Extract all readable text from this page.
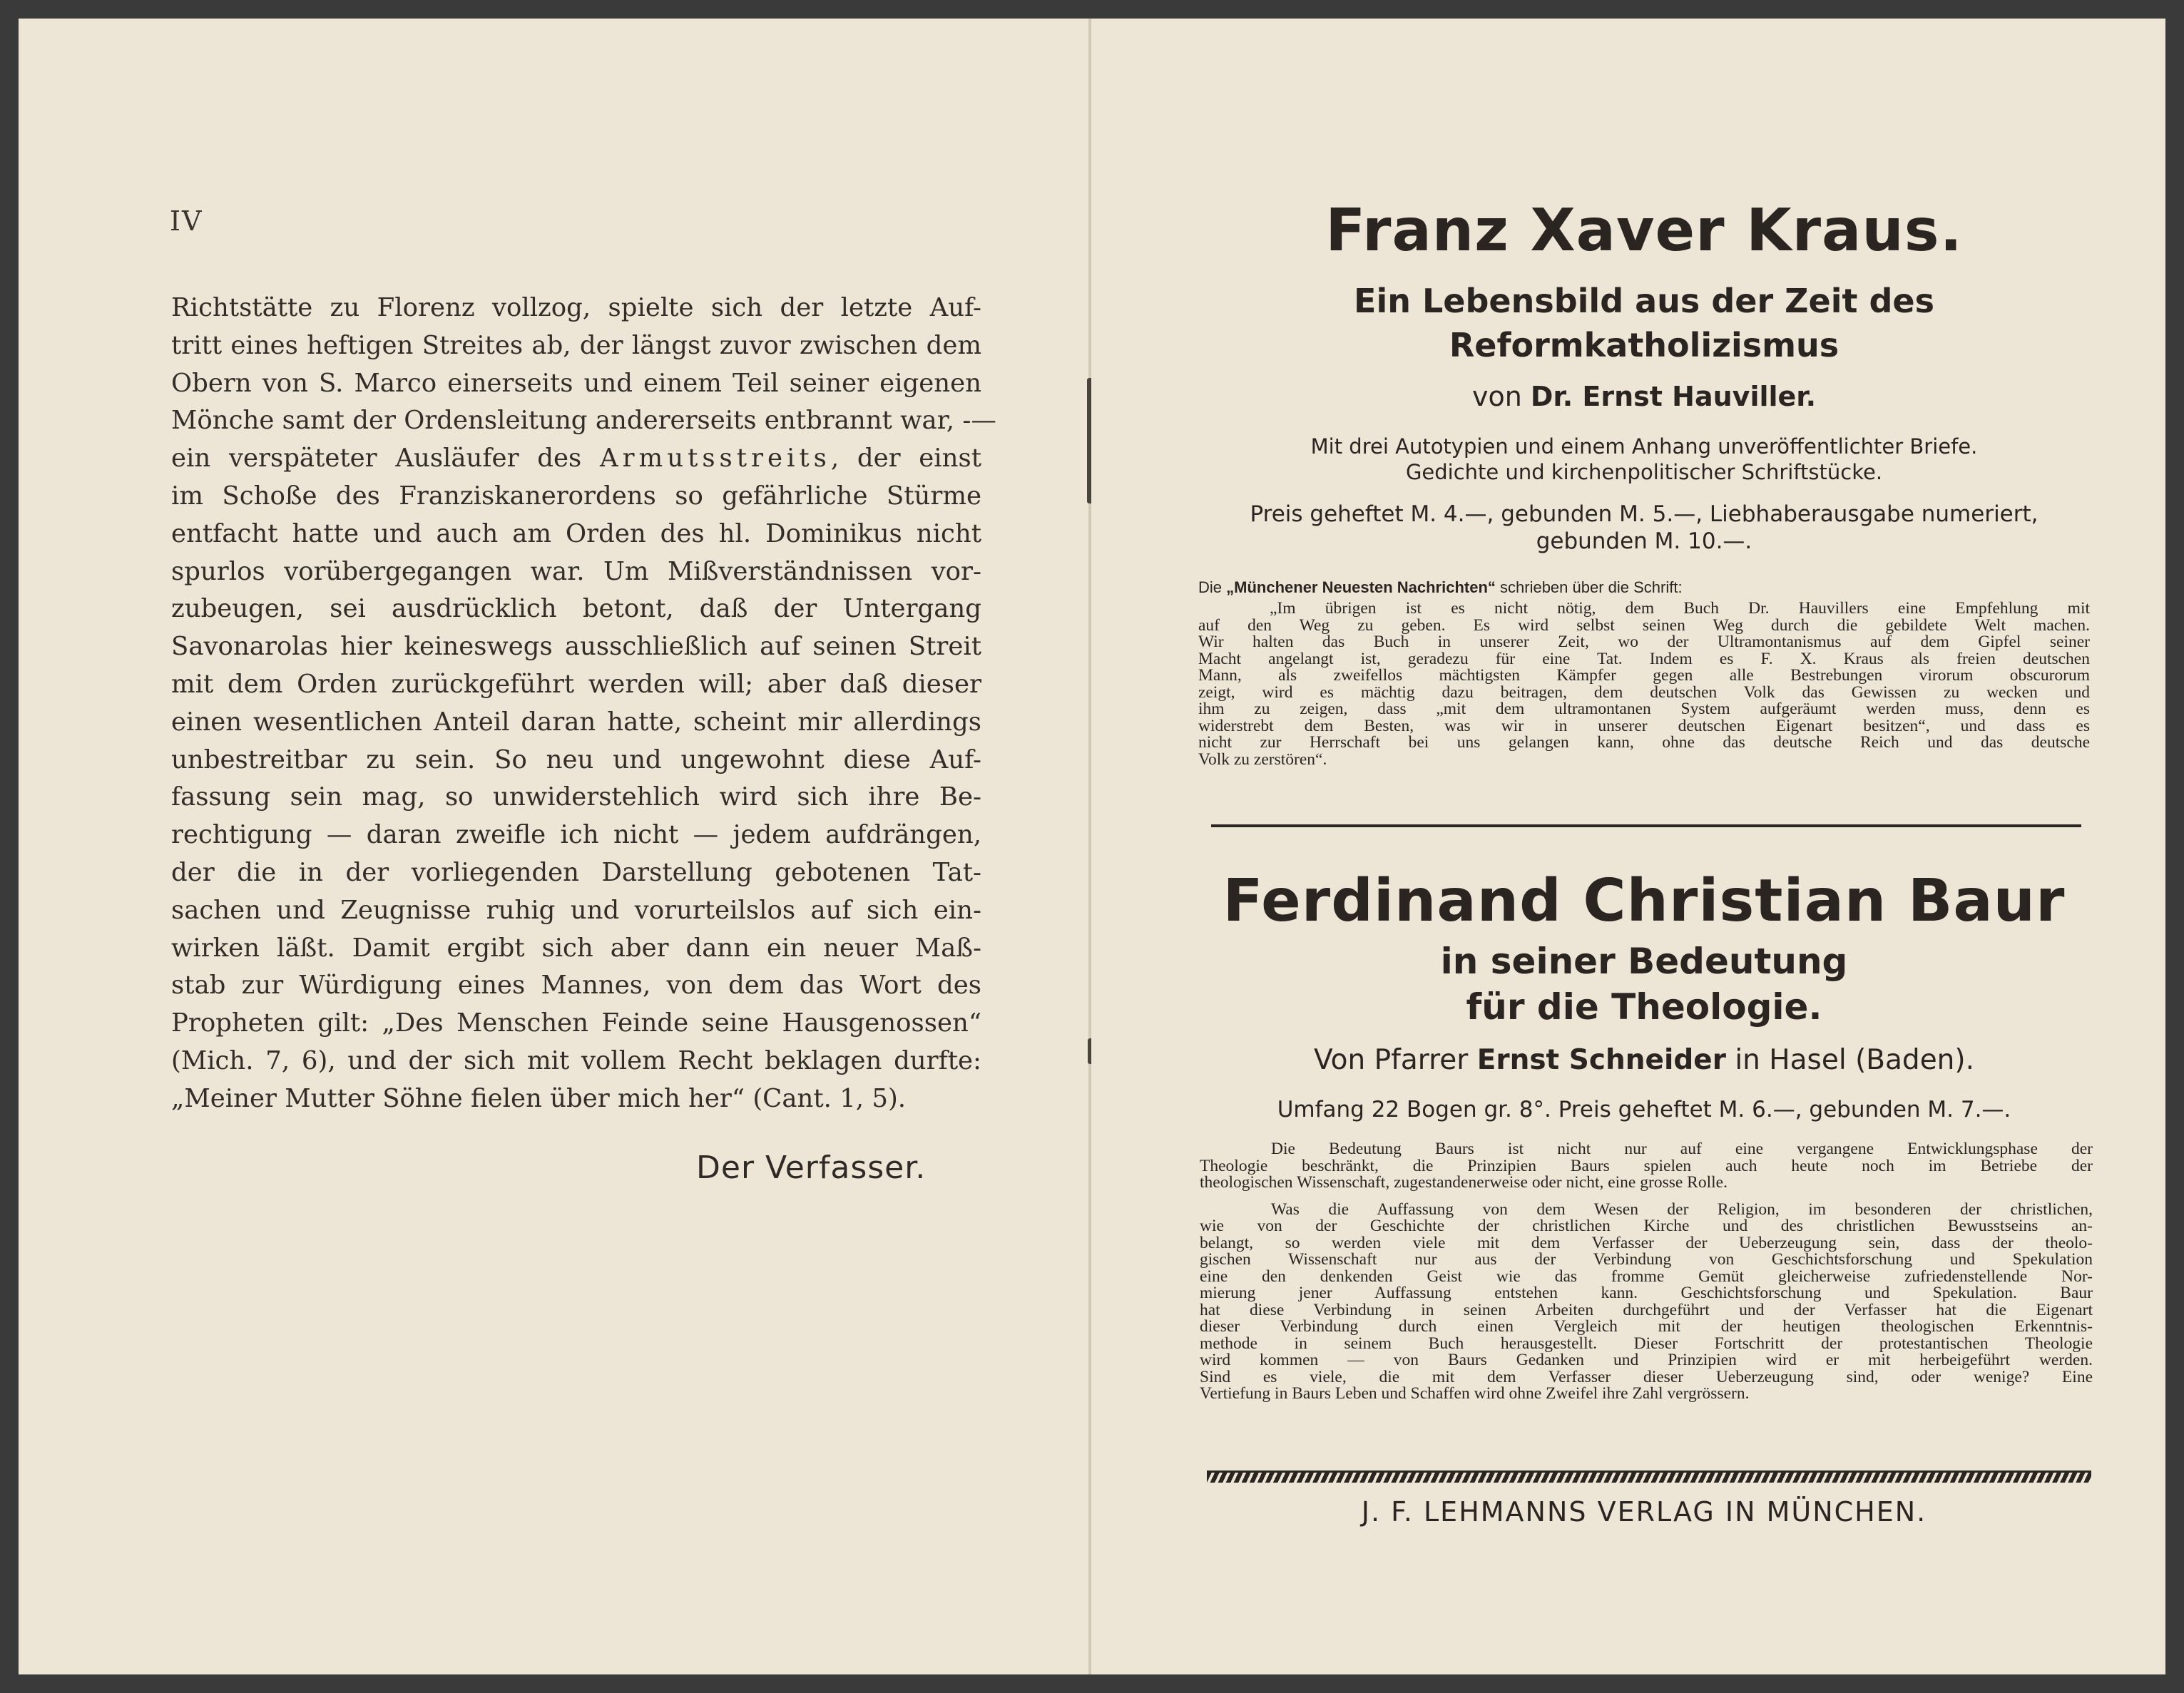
IV
Richtstätte zu Florenz vollzog, spielte sich der letzte Auf-
tritt eines heftigen Streites ab, der längst zuvor zwischen dem
Obern von S. Marco einerseits und einem Teil seiner eigenen
Mönche samt der Ordensleitung andererseits entbrannt war, -—
ein verspäteter Ausläufer des Armutsstreits, der einst
im Schoße des Franziskanerordens so gefährliche Stürme
entfacht hatte und auch am Orden des hl. Dominikus nicht
spurlos vorübergegangen war. Um Mißverständnissen vor-
zubeugen, sei ausdrücklich betont, daß der Untergang
Savonarolas hier keineswegs ausschließlich auf seinen Streit
mit dem Orden zurückgeführt werden will; aber daß dieser
einen wesentlichen Anteil daran hatte, scheint mir allerdings
unbestreitbar zu sein. So neu und ungewohnt diese Auf-
fassung sein mag, so unwiderstehlich wird sich ihre Be-
rechtigung — daran zweifle ich nicht — jedem aufdrängen,
der die in der vorliegenden Darstellung gebotenen Tat-
sachen und Zeugnisse ruhig und vorurteilslos auf sich ein-
wirken läßt. Damit ergibt sich aber dann ein neuer Maß-
stab zur Würdigung eines Mannes, von dem das Wort des
Propheten gilt: „Des Menschen Feinde seine Hausgenossen“
(Mich. 7, 6), und der sich mit vollem Recht beklagen durfte:
„Meiner Mutter Söhne fielen über mich her“ (Cant. 1, 5).
Der Verfasser.
Franz Xaver Kraus.
Ein Lebensbild aus der Zeit des
Reformkatholizismus
von Dr. Ernst Hauviller.
Mit drei Autotypien und einem Anhang unveröffentlichter Briefe.
Gedichte und kirchenpolitischer Schriftstücke.
Preis geheftet M. 4.—, gebunden M. 5.—, Liebhaberausgabe numeriert,
gebunden M. 10.—.
Die „Münchener Neuesten Nachrichten“ schrieben über die Schrift:
„Im übrigen ist es nicht nötig, dem Buch Dr. Hauvillers eine Empfehlung mit
auf den Weg zu geben. Es wird selbst seinen Weg durch die gebildete Welt machen.
Wir halten das Buch in unserer Zeit, wo der Ultramontanismus auf dem Gipfel seiner
Macht angelangt ist, geradezu für eine Tat. Indem es F. X. Kraus als freien deutschen
Mann, als zweifellos mächtigsten Kämpfer gegen alle Bestrebungen virorum obscurorum
zeigt, wird es mächtig dazu beitragen, dem deutschen Volk das Gewissen zu wecken und
ihm zu zeigen, dass „mit dem ultramontanen System aufgeräumt werden muss, denn es
widerstrebt dem Besten, was wir in unserer deutschen Eigenart besitzen“, und dass es
nicht zur Herrschaft bei uns gelangen kann, ohne das deutsche Reich und das deutsche
Volk zu zerstören“.
Ferdinand Christian Baur
in seiner Bedeutung
für die Theologie.
Von Pfarrer Ernst Schneider in Hasel (Baden).
Umfang 22 Bogen gr. 8°. Preis geheftet M. 6.—, gebunden M. 7.—.
Die Bedeutung Baurs ist nicht nur auf eine vergangene Entwicklungsphase der
Theologie beschränkt, die Prinzipien Baurs spielen auch heute noch im Betriebe der
theologischen Wissenschaft, zugestandenerweise oder nicht, eine grosse Rolle.
Was die Auffassung von dem Wesen der Religion, im besonderen der christlichen,
wie von der Geschichte der christlichen Kirche und des christlichen Bewusstseins an-
belangt, so werden viele mit dem Verfasser der Ueberzeugung sein, dass der theolo-
gischen Wissenschaft nur aus der Verbindung von Geschichtsforschung und Spekulation
eine den denkenden Geist wie das fromme Gemüt gleicherweise zufriedenstellende Nor-
mierung jener Auffassung entstehen kann. Geschichtsforschung und Spekulation. Baur
hat diese Verbindung in seinen Arbeiten durchgeführt und der Verfasser hat die Eigenart
dieser Verbindung durch einen Vergleich mit der heutigen theologischen Erkenntnis-
methode in seinem Buch herausgestellt. Dieser Fortschritt der protestantischen Theologie
wird kommen — von Baurs Gedanken und Prinzipien wird er mit herbeigeführt werden.
Sind es viele, die mit dem Verfasser dieser Ueberzeugung sind, oder wenige? Eine
Vertiefung in Baurs Leben und Schaffen wird ohne Zweifel ihre Zahl vergrössern.
J. F. LEHMANNS VERLAG IN MÜNCHEN.
